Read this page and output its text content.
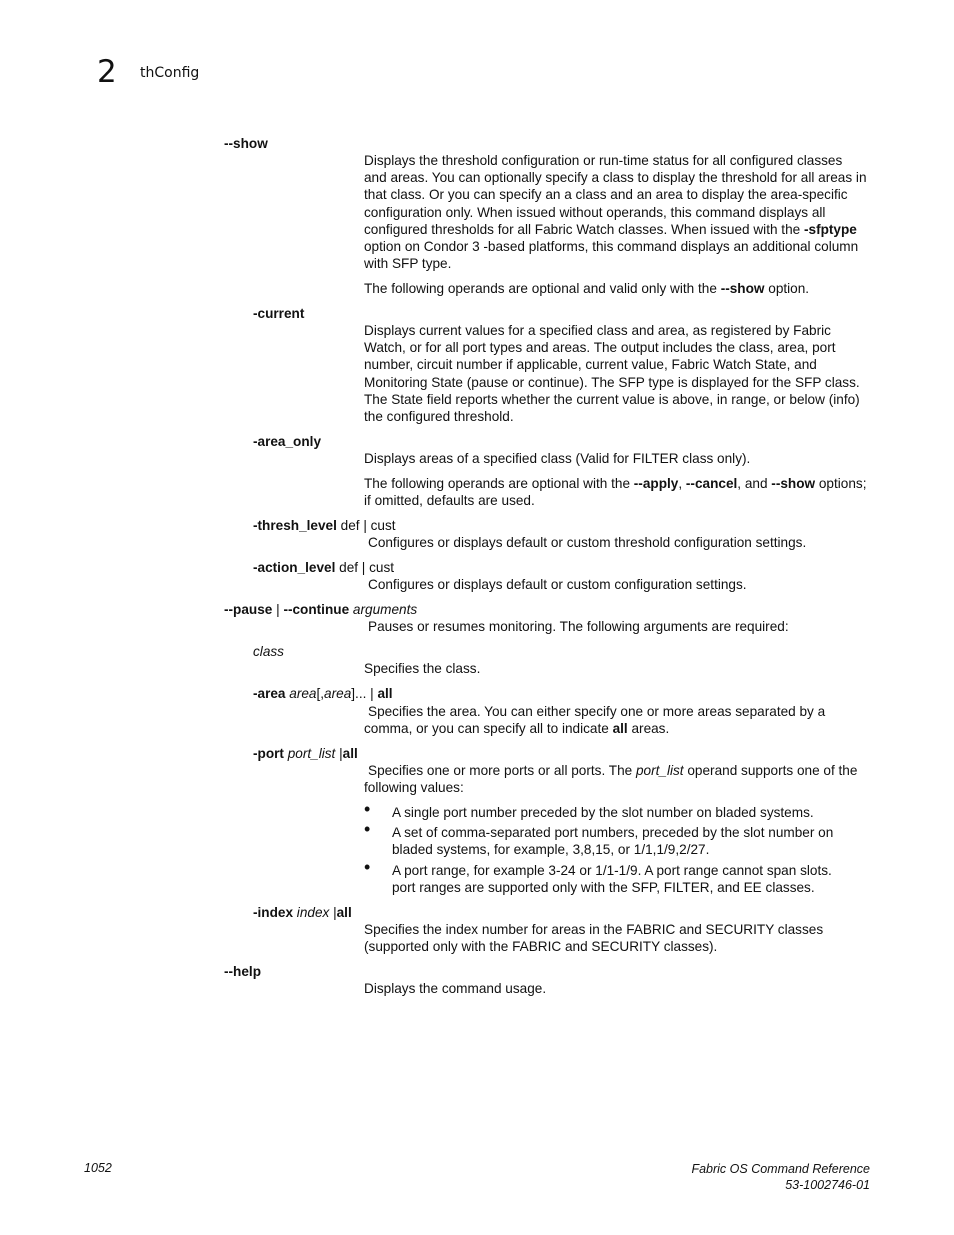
2 thConfig
--show
Displays the threshold configuration or run-time status for all configured classes and areas. You can optionally specify a class to display the threshold for all areas in that class. Or you can specify an a class and an area to display the area-specific configuration only. When issued without operands, this command displays all configured thresholds for all Fabric Watch classes. When issued with the -sfptype option on Condor 3 -based platforms, this command displays an additional column with SFP type.
The following operands are optional and valid only with the --show option.
-current
Displays current values for a specified class and area, as registered by Fabric Watch, or for all port types and areas. The output includes the class, area, port number, circuit number if applicable, current value, Fabric Watch State, and Monitoring State (pause or continue). The SFP type is displayed for the SFP class. The State field reports whether the current value is above, in range, or below (info) the configured threshold.
-area_only
Displays areas of a specified class (Valid for FILTER class only).
The following operands are optional with the --apply, --cancel, and --show options; if omitted, defaults are used.
-thresh_level def | cust
Configures or displays default or custom threshold configuration settings.
-action_level def | cust
Configures or displays default or custom configuration settings.
--pause | --continue arguments
Pauses or resumes monitoring. The following arguments are required:
class
Specifies the class.
-area area[,area]... | all
Specifies the area. You can either specify one or more areas separated by a comma, or you can specify all to indicate all areas.
-port port_list |all
Specifies one or more ports or all ports. The port_list operand supports one of the following values:
• A single port number preceded by the slot number on bladed systems.
• A set of comma-separated port numbers, preceded by the slot number on bladed systems, for example, 3,8,15, or 1/1,1/9,2/27.
• A port range, for example 3-24 or 1/1-1/9. A port range cannot span slots. port ranges are supported only with the SFP, FILTER, and EE classes.
-index index |all
Specifies the index number for areas in the FABRIC and SECURITY classes (supported only with the FABRIC and SECURITY classes).
--help
Displays the command usage.
1052	Fabric OS Command Reference
53-1002746-01
